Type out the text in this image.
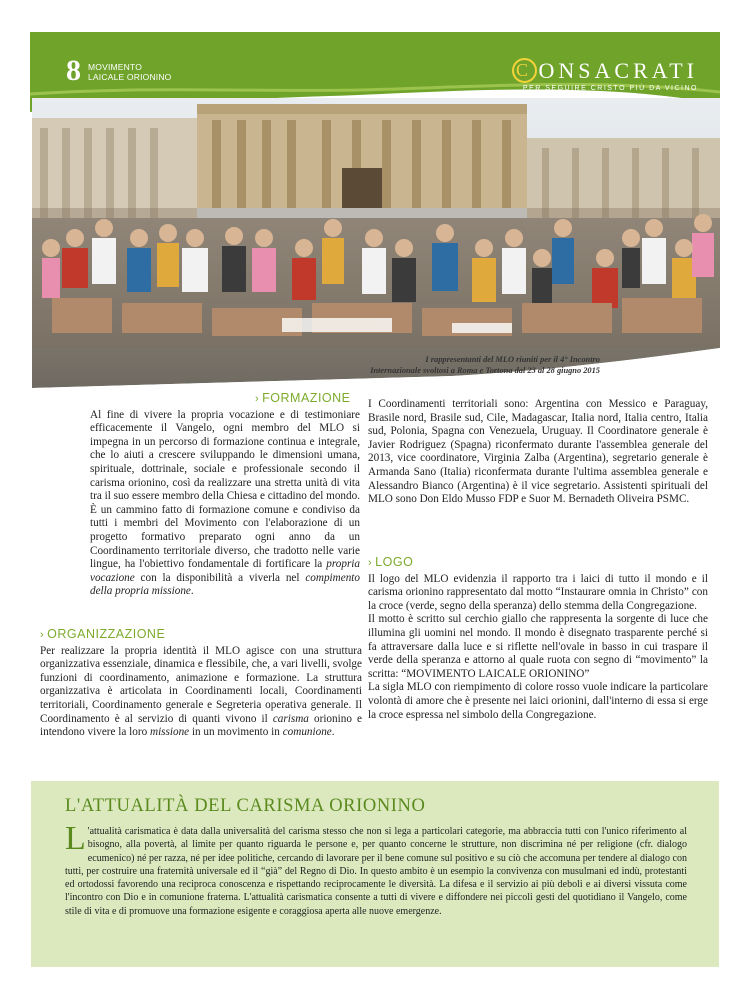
8 MOVIMENTO
LAICALE ORIONINO	C ONSACRATI
PER SEGUIRE CRISTO PIÙ DA VICINO
I rappresentanti del MLO riuniti per il 4° Incontro
Internazionale svoltosi a Roma e Tortona dal 23 al 28 giugno 2015
› FORMAZIONE

Al fine di vivere la propria vocazione e di testimoniare efficacemente il Vangelo, ogni membro del MLO si impegna in un percorso di formazione continua e integrale, che lo aiuti a crescere sviluppando le dimensioni umana, spirituale, dottrinale, sociale e professionale secondo il carisma orionino, così da realizzare una stretta unità di vita tra il suo essere membro della Chiesa e cittadino del mondo. È un cammino fatto di formazione comune e condiviso da tutti i membri del Movimento con l'elaborazione di un progetto formativo preparato ogni anno da un Coordinamento territoriale diverso, che tradotto nelle varie lingue, ha l'obiettivo fondamentale di fortificare la propria vocazione con la disponibilità a viverla nel compimento della propria missione.

› ORGANIZZAZIONE

Per realizzare la propria identità il MLO agisce con una struttura organizzativa essenziale, dinamica e flessibile, che, a vari livelli, svolge funzioni di coordinamento, animazione e formazione. La struttura organizzativa è articolata in Coordinamenti locali, Coordinamenti territoriali, Coordinamento generale e Segreteria operativa generale. Il Coordinamento è al servizio di quanti vivono il carisma orionino e intendono vivere la loro missione in un movimento in comunione.

I Coordinamenti territoriali sono: Argentina con Messico e Paraguay, Brasile nord, Brasile sud, Cile, Madagascar, Italia nord, Italia centro, Italia sud, Polonia, Spagna con Venezuela, Uruguay. Il Coordinatore generale è Javier Rodriguez (Spagna) riconfermato durante l'assemblea generale del 2013, vice coordinatore, Virginia Zalba (Argentina), segretario generale è Armanda Sano (Italia) riconfermata durante l'ultima assemblea generale e Alessandro Bianco (Argentina) è il vice segretario. Assistenti spirituali del MLO sono Don Eldo Musso FDP e Suor M. Bernadeth Oliveira PSMC.

› LOGO

Il logo del MLO evidenzia il rapporto tra i laici di tutto il mondo e il carisma orionino rappresentato dal motto “Instaurare omnia in Christo” con la croce (verde, segno della speranza) dello stemma della Congregazione.

Il motto è scritto sul cerchio giallo che rappresenta la sorgente di luce che illumina gli uomini nel mondo. Il mondo è disegnato trasparente perché si fa attraversare dalla luce e si riflette nell'ovale in basso in cui traspare il verde della speranza e attorno al quale ruota con segno di “movimento” la scritta: “MOVIMENTO LAICALE ORIONINO”

La sigla MLO con riempimento di colore rosso vuole indicare la particolare volontà di amore che è presente nei laici orionini, dall'interno di essa si erge la croce espressa nel simbolo della Congregazione.

L'ATTUALITÀ DEL CARISMA ORIONINO
L 'attualità carismatica è data dalla universalità del carisma stesso che non si lega a particolari categorie, ma abbraccia tutti con l'unico riferimento al bisogno, alla povertà, al limite per quanto riguarda le persone e, per quanto concerne le strutture, non discrimina né per religione (cfr. dialogo ecumenico) né per razza, né per idee politiche, cercando di lavorare per il bene comune sul positivo e su ciò che accomuna per tendere al dialogo con tutti, per costruire una fraternità universale ed il “già” del Regno di Dio. In questo ambito è un esempio la convivenza con musulmani ed indù, protestanti ed ortodossi favorendo una reciproca conoscenza e rispettando reciprocamente le diversità. La difesa e il servizio ai più deboli e ai diversi vissuta come l'incontro con Dio e in comunione fraterna. L'attualità carismatica consente a tutti di vivere e diffondere nei piccoli gesti del quotidiano il Vangelo, come stile di vita e di promuove una formazione esigente e coraggiosa aperta alle nuove emergenze.
